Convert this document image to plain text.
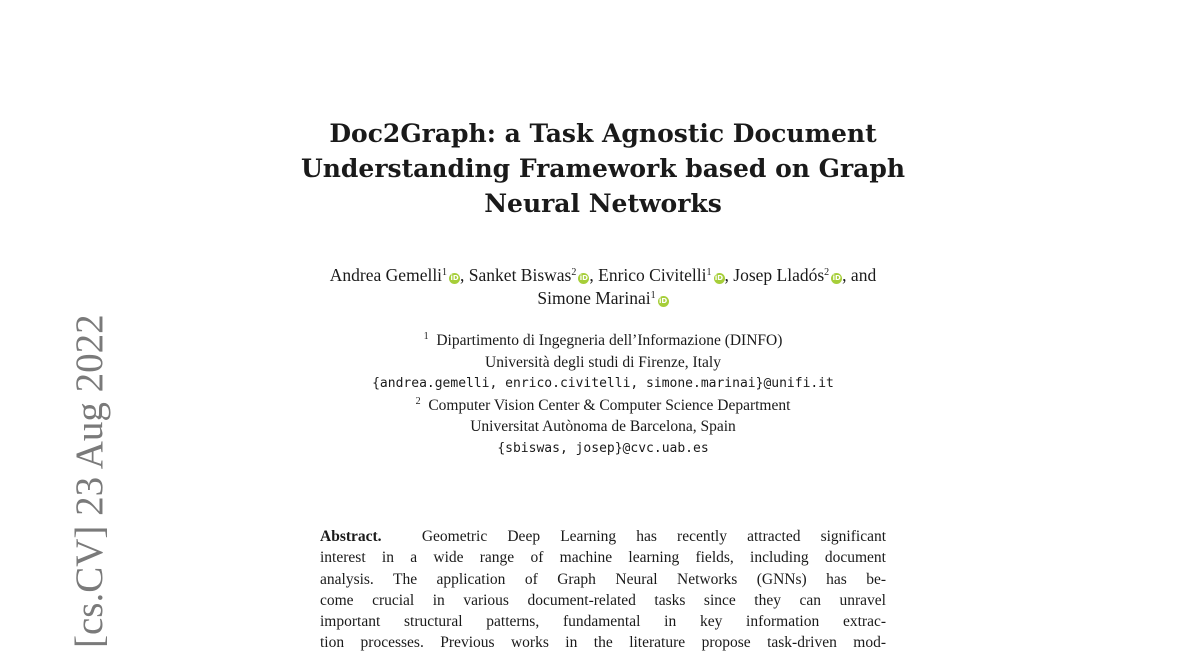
[cs.CV] 23 Aug 2022
Doc2Graph: a Task Agnostic Document
Understanding Framework based on Graph
Neural Networks
Andrea Gemelli$^1$ iD, Sanket Biswas$^2$ iD, Enrico Civitelli$^1$ iD, Josep Lladós$^2$ iD, and
Simone Marinai$^1$ iD
$^1$ Dipartimento di Ingegneria dell’Informazione (DINFO)
Università degli studi di Firenze, Italy
{andrea.gemelli, enrico.civitelli, simone.marinai}@unifi.it
$^2$ Computer Vision Center & Computer Science Department
Universitat Autònoma de Barcelona, Spain
{sbiswas, josep}@cvc.uab.es
Abstract.	Geometric Deep Learning has recently attracted significant
interest in a wide range of machine learning fields, including document
analysis. The application of Graph Neural Networks (GNNs) has be-
come crucial in various document-related tasks since they can unravel
important structural patterns, fundamental in key information extrac-
tion processes. Previous works in the literature propose task-driven mod-
